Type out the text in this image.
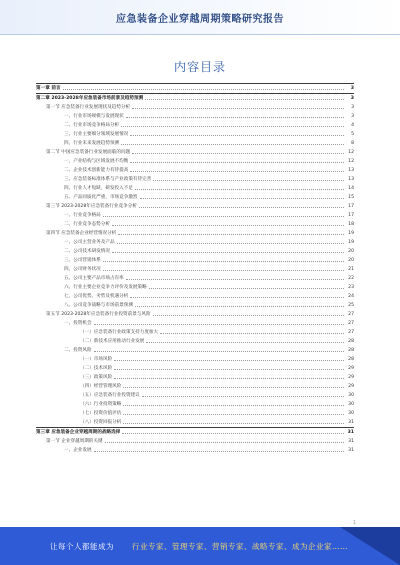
应急装备企业穿越周期策略研究报告
内容目录
第一章 前言	3
第二章 2023-2028年应急装备市场前景及趋势预测	3
第一节 应急装备行业发展现状及趋势分析	3
一、行业市场规模与发展现状	3
二、行业市场竞争格局分析	4
三、行业主要细分领域发展情况	5
四、行业未来发展趋势预测	8
第二节 中国应急装备行业发展面临的问题	12
一、产业结构与区域发展不均衡	12
二、企业技术创新能力有待提高	13
三、应急装备标准体系与产业政策有待完善	13
四、行业人才短缺，研发投入不足	14
五、产品同质化严重，市场竞争激烈	15
第三节 2023-2028年应急装备行业竞争分析	17
一、行业竞争格局	17
二、行业竞争态势分析	18
第四节 应急装备企业经营情况分析	19
一、公司主营业务及产品	19
二、公司技术研发情况	20
三、公司营销体系	20
四、公司财务状况	21
五、公司主要产品市场占有率	22
六、行业主要企业竞争力评价及发展策略	23
七、公司优势、劣势及机遇分析	24
八、公司竞争战略与市场前景预测	25
第五节 2023-2028年应急装备行业投资前景与风险	27
一、投资机会	27
（一）应急装备行业政策支持力度加大	27
（二）新技术应用推动行业发展	28
二、投资风险	28
（一）市场风险	28
（二）技术风险	29
（三）政策风险	29
（四）经营管理风险	29
（五）应急装备行业投资建议	30
（六）行业投资策略	30
（七）投资价值评估	30
（八）投资回报分析	31
第三章 应急装备企业穿越周期的战略选择	31
第一节 企业穿越周期的关键	31
一、企业发展	31
1
让每个人都能成为 行业专家、管理专家、营销专家、战略专家、成为企业家……
